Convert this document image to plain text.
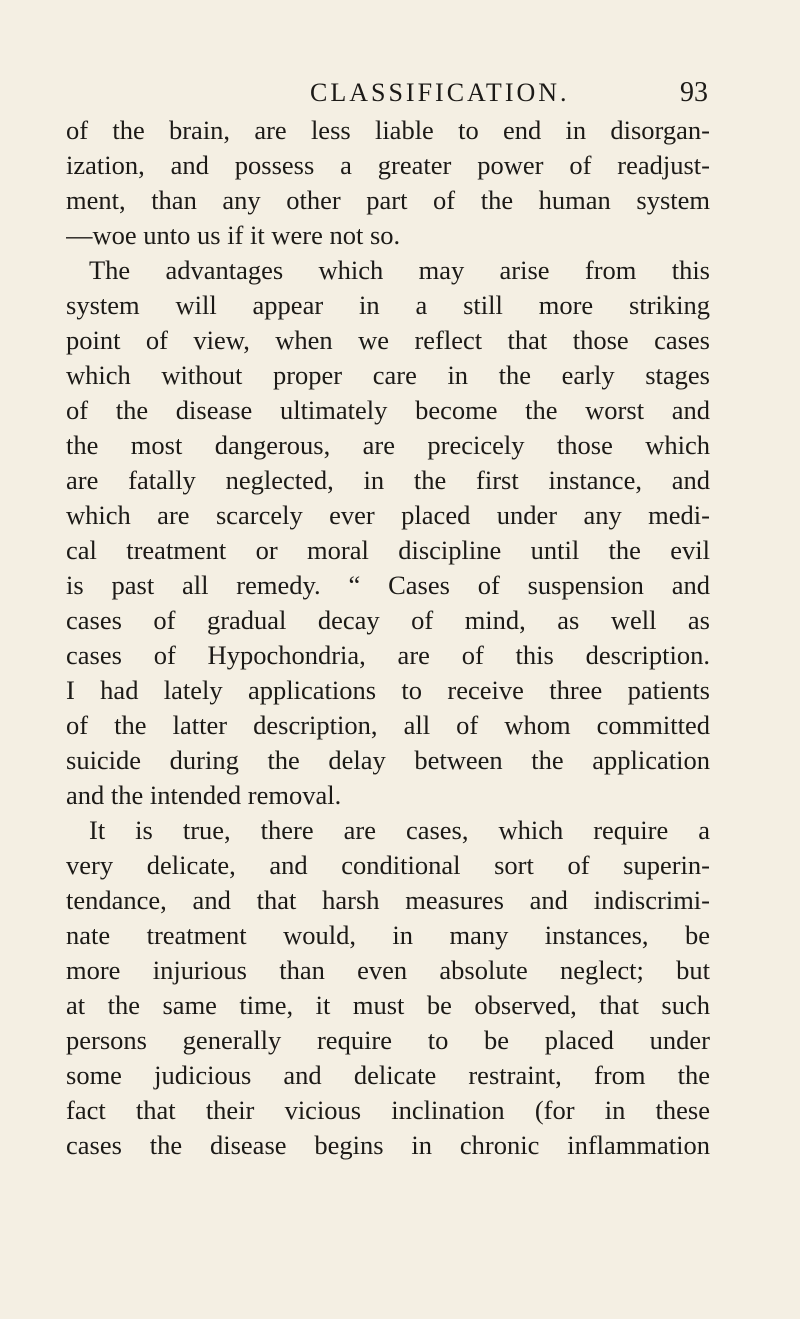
CLASSIFICATION.	93
of the brain, are less liable to end in disorgan-
ization, and possess a greater power of readjust-
ment, than any other part of the human system
—woe unto us if it were not so.
The advantages which may arise from this
system will appear in a still more striking
point of view, when we reflect that those cases
which without proper care in the early stages
of the disease ultimately become the worst and
the most dangerous, are precicely those which
are fatally neglected, in the first instance, and
which are scarcely ever placed under any medi-
cal treatment or moral discipline until the evil
is past all remedy. “ Cases of suspension and
cases of gradual decay of mind, as well as
cases of Hypochondria, are of this description.
I had lately applications to receive three patients
of the latter description, all of whom committed
suicide during the delay between the application
and the intended removal.
It is true, there are cases, which require a
very delicate, and conditional sort of superin-
tendance, and that harsh measures and indiscrimi-
nate treatment would, in many instances, be
more injurious than even absolute neglect; but
at the same time, it must be observed, that such
persons generally require to be placed under
some judicious and delicate restraint, from the
fact that their vicious inclination (for in these
cases the disease begins in chronic inflammation
